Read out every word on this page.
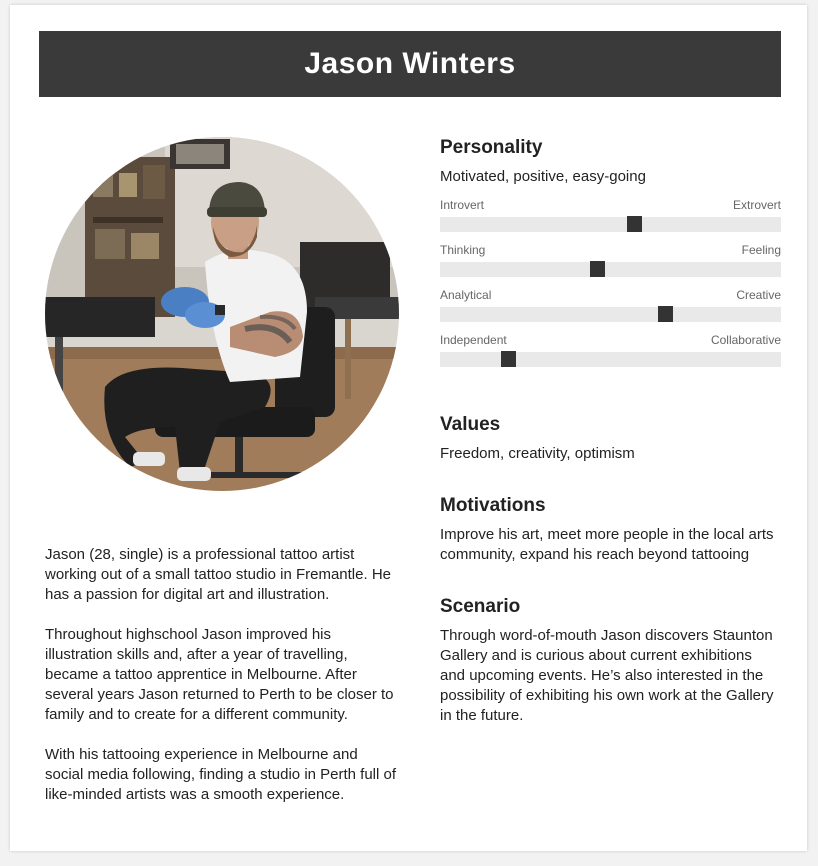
Jason Winters

Jason (28, single) is a professional tattoo artist working out of a small tattoo studio in Fremantle. He has a passion for digital art and illustration.

Throughout highschool Jason improved his illustration skills and, after a year of travelling, became a tattoo apprentice in Melbourne. After several years Jason returned to Perth to be closer to family and to create for a different community.

With his tattooing experience in Melbourne and social media following, finding a studio in Perth full of like-minded artists was a smooth experience.

Personality

Motivated, positive, easy-going

Introvert	Extrovert
Thinking	Feeling
Analytical	Creative
Independent	Collaborative
Values

Freedom, creativity, optimism

Motivations

Improve his art, meet more people in the local arts community, expand his reach beyond tattooing

Scenario

Through word-of-mouth Jason discovers Staunton Gallery and is curious about current exhibitions and upcoming events. He’s also interested in the possibility of exhibiting his own work at the Gallery in the future.
